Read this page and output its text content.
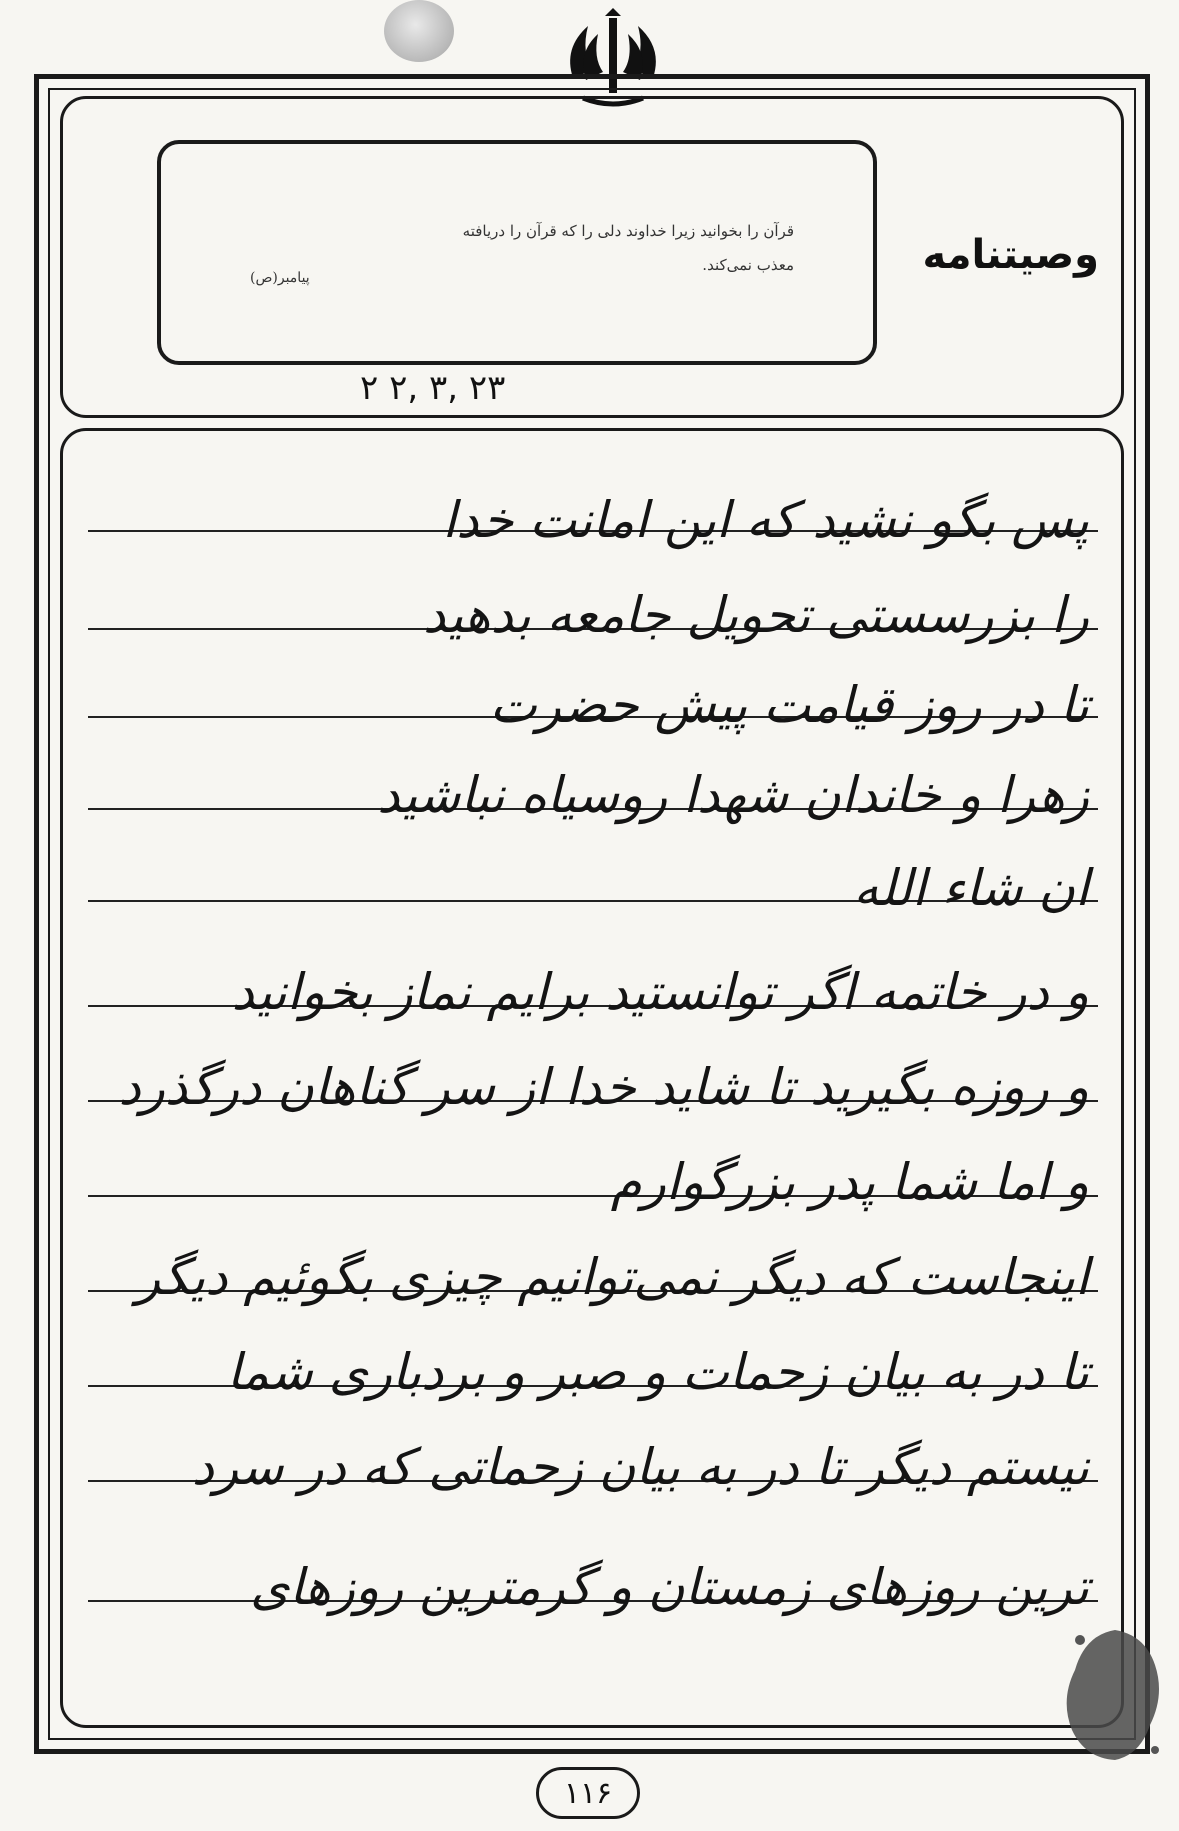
قرآن را بخوانید زیرا خداوند دلی را که قرآن را دریافته
معذب نمی‌کند.
پیامبر(ص)	وصیتنامه
۲۳ ,۳ ,۲ ۲
پس بگو نشید که این امانت خدا
را بزرسستی تحویل جامعه بدهید
تا در روز قیامت پیش حضرت
زهرا و خاندان شهدا روسیاه نباشید
ان شاء الله
و در خاتمه اگر توانستید برایم نماز بخوانید
و روزه بگیرید تا شاید خدا از سر گناهان درگذرد
و اما شما پدر بزرگوارم
اینجاست که دیگر نمی‌توانیم چیزی بگوئیم دیگر
تا در به بیان زحمات و صبر و بردباری شما
نیستم دیگر تا در به بیان زحماتی که در سرد
ترین روزهای زمستان و گرمترین روزهای
۱۱۶
